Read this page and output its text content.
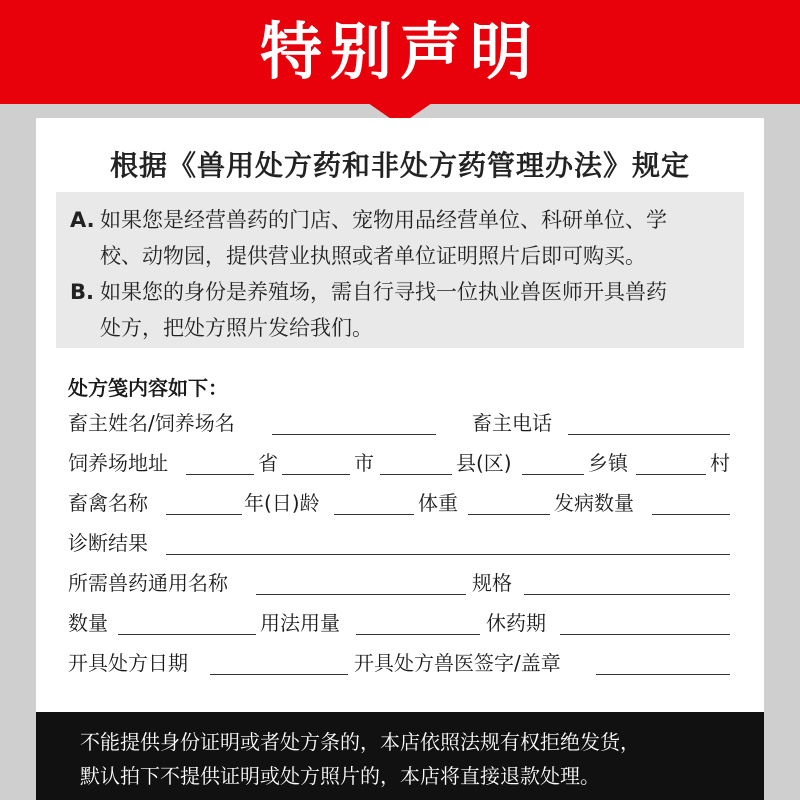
特别声明
根据《兽用处方药和非处方药管理办法》规定
A. 如果您是经营兽药的门店、宠物用品经营单位、科研单位、学
校、动物园，提供营业执照或者单位证明照片后即可购买。
B. 如果您的身份是养殖场，需自行寻找一位执业兽医师开具兽药
处方，把处方照片发给我们。
处方笺内容如下：
畜主姓名/饲养场名	畜主电话
饲养场地址	省	市	县(区)	乡镇	村
畜禽名称	年(日)龄	体重	发病数量
诊断结果
所需兽药通用名称	规格
数量	用法用量	休药期
开具处方日期	开具处方兽医签字/盖章
不能提供身份证明或者处方条的，本店依照法规有权拒绝发货，
默认拍下不提供证明或处方照片的，本店将直接退款处理。
